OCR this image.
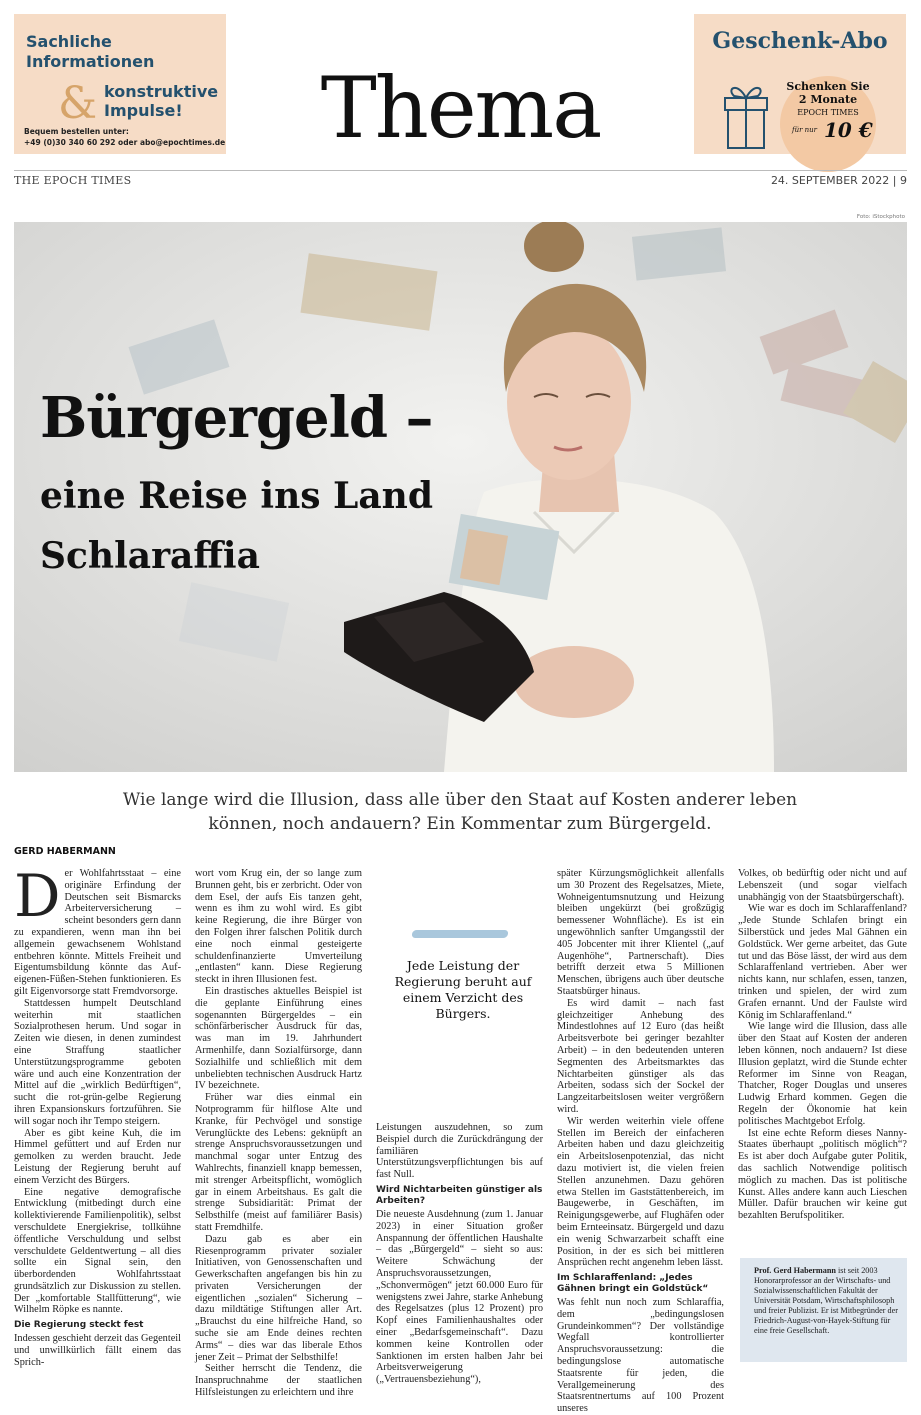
Sachliche
Informationen
& konstruktive
Impulse!
Bequem bestellen unter:
+49 (0)30 340 60 292 oder abo@epochtimes.de	Thema
Geschenk-Abo
Schenken Sie
2 Monate
EPOCH TIMES
für nur 10 €
THE EPOCH TIMES	24. SEPTEMBER 2022 | 9
Foto: iStockphoto
Bürgergeld –
eine Reise ins Land
Schlaraffia
Wie lange wird die Illusion, dass alle über den Staat auf Kosten anderer leben können, noch andauern? Ein Kommentar zum Bürgergeld.
GERD HABERMANN

Der Wohlfahrtsstaat – eine originäre Erfindung der Deutschen seit Bismarcks Arbeiterversicherung – scheint besonders gern dann zu expandieren, wenn man ihn bei allgemein gewachsenem Wohlstand entbehren könnte. Mittels Freiheit und Eigentumsbildung könnte das Auf-eigenen-Füßen-Stehen funktionieren. Es gilt Eigenvorsorge statt Fremdvorsorge.

Stattdessen humpelt Deutschland weiterhin mit staatlichen Sozialprothesen herum. Und sogar in Zeiten wie diesen, in denen zumindest eine Straffung staatlicher Unterstützungsprogramme geboten wäre und auch eine Konzentration der Mittel auf die „wirklich Bedürftigen“, sucht die rot-grün-gelbe Regierung ihren Expansionskurs fortzuführen. Sie will sogar noch ihr Tempo steigern.

Aber es gibt keine Kuh, die im Himmel gefüttert und auf Erden nur gemolken zu werden braucht. Jede Leistung der Regierung beruht auf einem Verzicht des Bürgers.

Eine negative demografische Entwicklung (mitbedingt durch eine kollektivierende Familienpolitik), selbst verschuldete Energiekrise, tollkühne öffentliche Verschuldung und selbst verschuldete Geldentwertung – all dies sollte ein Signal sein, den überbordenden Wohlfahrtsstaat grundsätzlich zur Diskussion zu stellen. Der „komfortable Stallfütterung“, wie Wilhelm Röpke es nannte.

Die Regierung steckt fest

Indessen geschieht derzeit das Gegenteil und unwillkürlich fällt einem das Sprich-

wort vom Krug ein, der so lange zum Brunnen geht, bis er zerbricht. Oder von dem Esel, der aufs Eis tanzen geht, wenn es ihm zu wohl wird. Es gibt keine Regierung, die ihre Bürger von den Folgen ihrer falschen Politik durch eine noch einmal gesteigerte schuldenfinanzierte Umverteilung „entlasten“ kann. Diese Regierung steckt in ihren Illusionen fest.

Ein drastisches aktuelles Beispiel ist die geplante Einführung eines sogenannten Bürgergeldes – ein schönfärberischer Ausdruck für das, was man im 19. Jahrhundert Armenhilfe, dann Sozialfürsorge, dann Sozialhilfe und schließlich mit dem unbeliebten technischen Ausdruck Hartz IV bezeichnete.

Früher war dies einmal ein Notprogramm für hilflose Alte und Kranke, für Pechvögel und sonstige Verunglückte des Lebens: geknüpft an strenge Anspruchsvoraussetzungen und manchmal sogar unter Entzug des Wahlrechts, finanziell knapp bemessen, mit strenger Arbeitspflicht, womöglich gar in einem Arbeitshaus. Es galt die strenge Subsidiarität: Primat der Selbsthilfe (meist auf familiärer Basis) statt Fremdhilfe.

Dazu gab es aber ein Riesenprogramm privater sozialer Initiativen, von Genossenschaften und Gewerkschaften angefangen bis hin zu privaten Versicherungen der eigentlichen „sozialen“ Sicherung – dazu mildtätige Stiftungen aller Art. „Brauchst du eine hilfreiche Hand, so suche sie am Ende deines rechten Arms“ – dies war das liberale Ethos jener Zeit – Primat der Selbsthilfe!

Seither herrscht die Tendenz, die Inanspruchnahme der staatlichen Hilfsleistungen zu erleichtern und ihre

Jede Leistung der Regierung beruht auf einem Verzicht des Bürgers.

Leistungen auszudehnen, so zum Beispiel durch die Zurückdrängung der familiären Unterstützungsverpflichtungen bis auf fast Null.

Wird Nichtarbeiten günstiger als Arbeiten?

Die neueste Ausdehnung (zum 1. Januar 2023) in einer Situation großer Anspannung der öffentlichen Haushalte – das „Bürgergeld“ – sieht so aus: Weitere Schwächung der Anspruchsvoraussetzungen, „Schonvermögen“ jetzt 60.000 Euro für wenigstens zwei Jahre, starke Anhebung des Regelsatzes (plus 12 Prozent) pro Kopf eines Familienhaushaltes oder einer „Bedarfsgemeinschaft“. Dazu kommen keine Kontrollen oder Sanktionen im ersten halben Jahr bei Arbeitsverweigerung („Vertrauensbeziehung“),

später Kürzungsmöglichkeit allenfalls um 30 Prozent des Regelsatzes, Miete, Wohneigentumsnutzung und Heizung bleiben ungekürzt (bei großzügig bemessener Wohnfläche). Es ist ein ungewöhnlich sanfter Umgangsstil der 405 Jobcenter mit ihrer Klientel („auf Augenhöhe“, Partnerschaft). Dies betrifft derzeit etwa 5 Millionen Menschen, übrigens auch über deutsche Staatsbürger hinaus.

Es wird damit – nach fast gleichzeitiger Anhebung des Mindestlohnes auf 12 Euro (das heißt Arbeitsverbote bei geringer bezahlter Arbeit) – in den bedeutenden unteren Segmenten des Arbeitsmarktes das Nichtarbeiten günstiger als das Arbeiten, sodass sich der Sockel der Langzeitarbeitslosen weiter vergrößern wird.

Wir werden weiterhin viele offene Stellen im Bereich der einfacheren Arbeiten haben und dazu gleichzeitig ein Arbeitslosenpotenzial, das nicht dazu motiviert ist, die vielen freien Stellen anzunehmen. Dazu gehören etwa Stellen im Gaststättenbereich, im Baugewerbe, in Geschäften, im Reinigungsgewerbe, auf Flughäfen oder beim Ernteeinsatz. Bürgergeld und dazu ein wenig Schwarzarbeit schafft eine Position, in der es sich bei mittleren Ansprüchen recht angenehm leben lässt.

Im Schlaraffenland: „Jedes Gähnen bringt ein Goldstück“

Was fehlt nun noch zum Schlaraffia, dem „bedingungslosen Grundeinkommen“? Der vollständige Wegfall kontrollierter Anspruchsvoraussetzung: die bedingungslose automatische Staatsrente für jeden, die Verallgemeinerung des Staatsrentnertums auf 100 Prozent unseres

Volkes, ob bedürftig oder nicht und auf Lebenszeit (und sogar vielfach unabhängig von der Staatsbürgerschaft).

Wie war es doch im Schlaraffenland? „Jede Stunde Schlafen bringt ein Silberstück und jedes Mal Gähnen ein Goldstück. Wer gerne arbeitet, das Gute tut und das Böse lässt, der wird aus dem Schlaraffenland vertrieben. Aber wer nichts kann, nur schlafen, essen, tanzen, trinken und spielen, der wird zum Grafen ernannt. Und der Faulste wird König im Schlaraffenland.“

Wie lange wird die Illusion, dass alle über den Staat auf Kosten der anderen leben können, noch andauern? Ist diese Illusion geplatzt, wird die Stunde echter Reformer im Sinne von Reagan, Thatcher, Roger Douglas und unseres Ludwig Erhard kommen. Gegen die Regeln der Ökonomie hat kein politisches Machtgebot Erfolg.

Ist eine echte Reform dieses Nanny-Staates überhaupt „politisch möglich“? Es ist aber doch Aufgabe guter Politik, das sachlich Notwendige politisch möglich zu machen. Das ist politische Kunst. Alles andere kann auch Lieschen Müller. Dafür brauchen wir keine gut bezahlten Berufspolitiker.

Prof. Gerd Habermann ist seit 2003 Honorarprofessor an der Wirtschafts- und Sozialwissenschaftlichen Fakultät der Universität Potsdam, Wirtschaftsphilosoph und freier Publizist. Er ist Mitbegründer der Friedrich-August-von-Hayek-Stiftung für eine freie Gesellschaft.
